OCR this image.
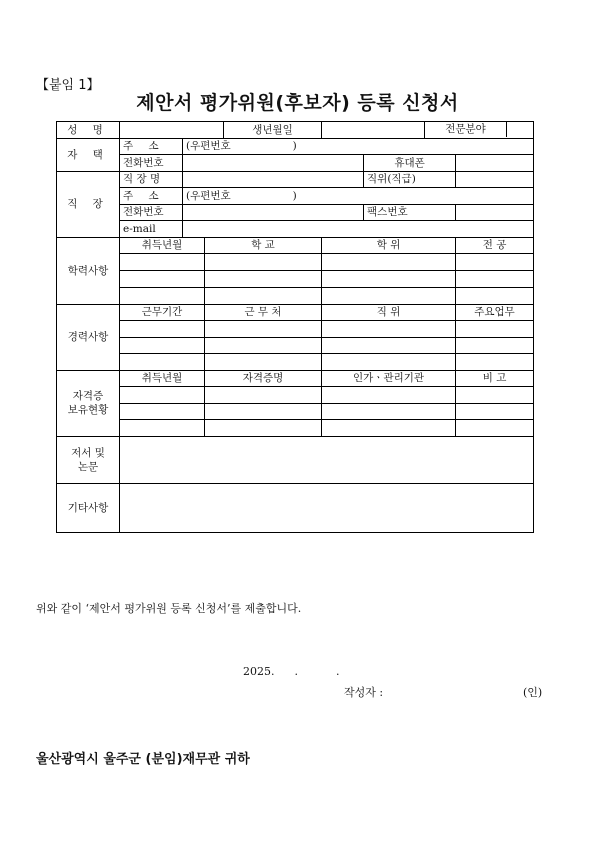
【붙임 1】
제안서 평가위원(후보자) 등록 신청서
성 명				생년월일			전문분야	

자 택	주 소	(우편번호 )						
	전화번호					휴대폰		
직 장	직 장 명					직위(직급)		
	주 소	(우편번호 )						
	전화번호					팩스번호		
	e-mail							
학력사항	취득년월		학 교		학 위			전 공

경력사항	근무기간		근 무 처		직 위			주요업무

자격증
보유현황	취득년월		자격증명		인가ㆍ관리기관			비 고

저서 및
논문								

기타사항								
위와 같이 ‘제안서 평가위원 등록 신청서’를 제출합니다.
2025. .	.
작성자 :	(인)
울산광역시 울주군 (분임)재무관 귀하
